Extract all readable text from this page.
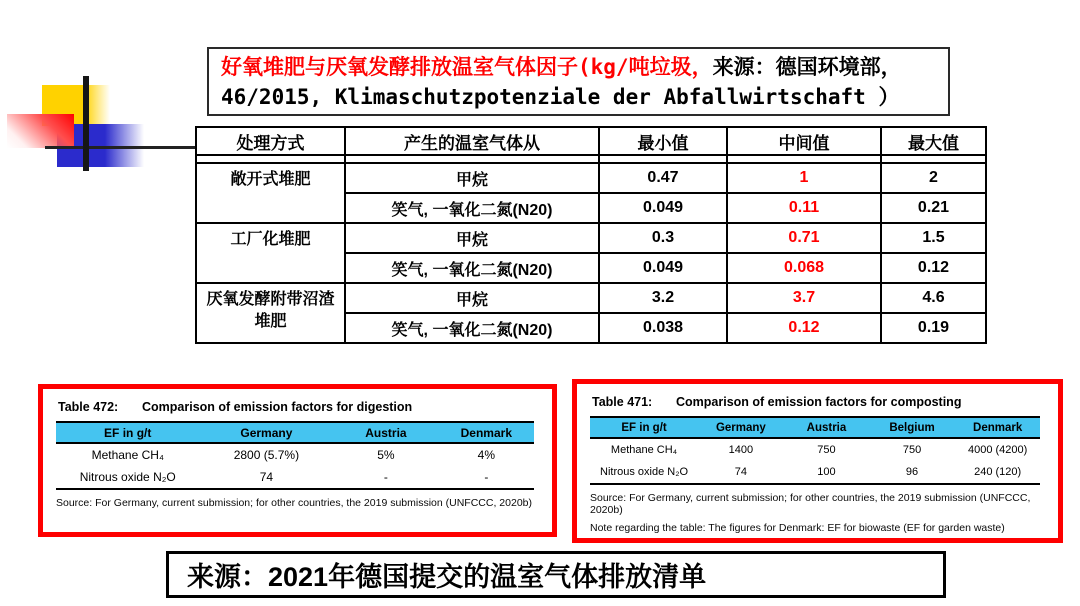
好氧堆肥与厌氧发酵排放温室气体因子(kg/吨垃圾，来源：德国环境部，46/2015, Klimaschutzpotenziale der Abfallwirtschaft ）
处理方式	产生的温室气体从	最小值	中间值	最大值

敞开式堆肥	甲烷	0.47	1	2
	笑气, 一氧化二氮(N20)	0.049	0.11	0.21
工厂化堆肥	甲烷	0.3	0.71	1.5
	笑气, 一氧化二氮(N20)	0.049	0.068	0.12
厌氧发酵附带沼渣堆肥	甲烷	3.2	3.7	4.6
	笑气, 一氧化二氮(N20)	0.038	0.12	0.19
Table 472:	Comparison of emission factors for digestion
EF in g/t	Germany	Austria	Denmark
Methane CH₄	2800 (5.7%)	5%	4%
Nitrous oxide N₂O	74	-	-
Source: For Germany, current submission; for other countries, the 2019 submission (UNFCCC, 2020b)
Table 471:	Comparison of emission factors for composting
EF in g/t	Germany	Austria	Belgium	Denmark
Methane CH₄	1400	750	750	4000 (4200)
Nitrous oxide N₂O	74	100	96	240 (120)
Source: For Germany, current submission; for other countries, the 2019 submission (UNFCCC, 2020b)
Note regarding the table: The figures for Denmark: EF for biowaste (EF for garden waste)
来源：2021年德国提交的温室气体排放清单
